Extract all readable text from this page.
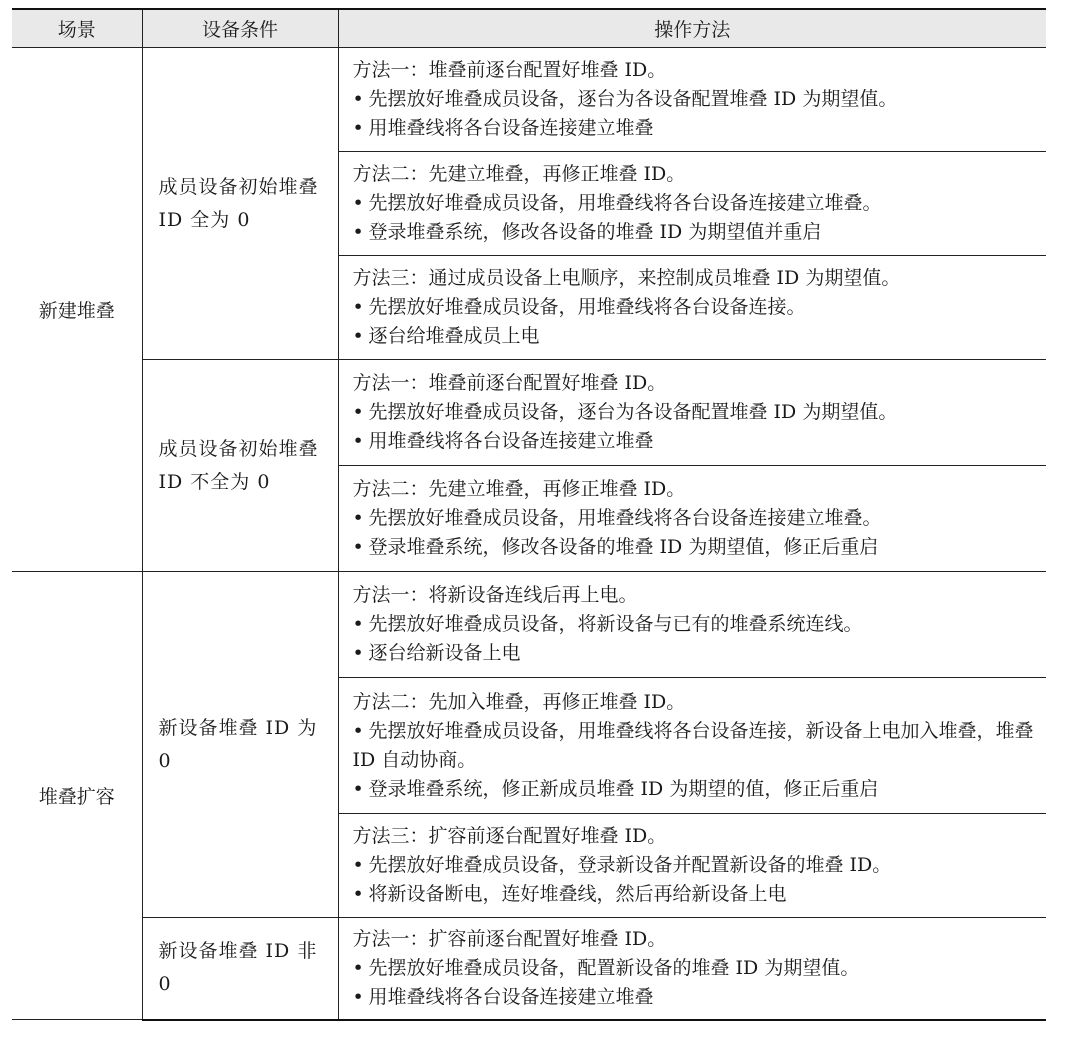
场景	设备条件	操作方法
新建堆叠	成员设备初始堆叠 ID 全为 0	方法一：堆叠前逐台配置好堆叠 ID。
• 先摆放好堆叠成员设备，逐台为各设备配置堆叠 ID 为期望值。
• 用堆叠线将各台设备连接建立堆叠

		方法二：先建立堆叠，再修正堆叠 ID。
• 先摆放好堆叠成员设备，用堆叠线将各台设备连接建立堆叠。
• 登录堆叠系统，修改各设备的堆叠 ID 为期望值并重启

		方法三：通过成员设备上电顺序，来控制成员堆叠 ID 为期望值。
• 先摆放好堆叠成员设备，用堆叠线将各台设备连接。
• 逐台给堆叠成员上电

	成员设备初始堆叠 ID 不全为 0	方法一：堆叠前逐台配置好堆叠 ID。
• 先摆放好堆叠成员设备，逐台为各设备配置堆叠 ID 为期望值。
• 用堆叠线将各台设备连接建立堆叠

		方法二：先建立堆叠，再修正堆叠 ID。
• 先摆放好堆叠成员设备，用堆叠线将各台设备连接建立堆叠。
• 登录堆叠系统，修改各设备的堆叠 ID 为期望值，修正后重启

堆叠扩容	新设备堆叠 ID 为 0	方法一：将新设备连线后再上电。
• 先摆放好堆叠成员设备，将新设备与已有的堆叠系统连线。
• 逐台给新设备上电

		方法二：先加入堆叠，再修正堆叠 ID。
• 先摆放好堆叠成员设备，用堆叠线将各台设备连接，新设备上电加入堆叠，堆叠 ID 自动协商。
• 登录堆叠系统，修正新成员堆叠 ID 为期望的值，修正后重启

		方法三：扩容前逐台配置好堆叠 ID。
• 先摆放好堆叠成员设备，登录新设备并配置新设备的堆叠 ID。
• 将新设备断电，连好堆叠线，然后再给新设备上电

	新设备堆叠 ID 非 0	方法一：扩容前逐台配置好堆叠 ID。
• 先摆放好堆叠成员设备，配置新设备的堆叠 ID 为期望值。
• 用堆叠线将各台设备连接建立堆叠
